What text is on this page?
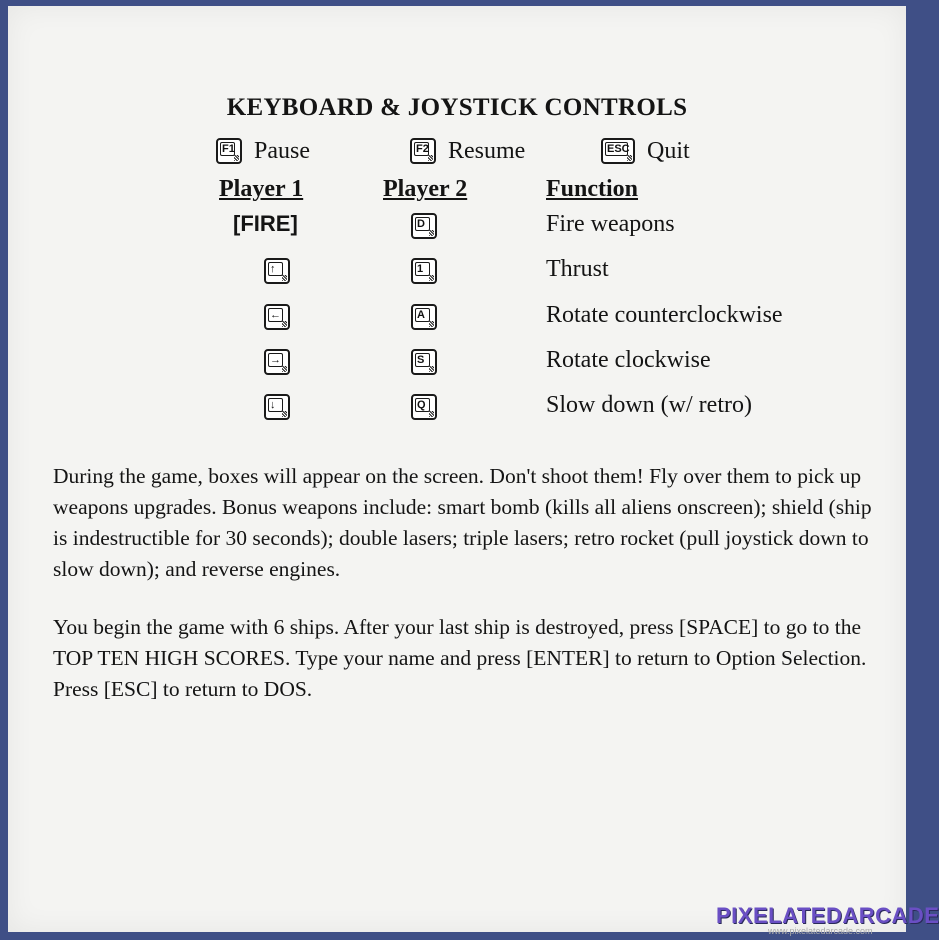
KEYBOARD & JOYSTICK CONTROLS
F1 Pause	F2 Resume	ESC Quit
Player 1	Player 2	Function
[FIRE]	D	Fire weapons
↑	1	Thrust
←	A	Rotate counterclockwise
→	S	Rotate clockwise
↓	Q	Slow down (w/ retro)
During the game, boxes will appear on the screen. Don't shoot them! Fly over them to pick up weapons upgrades. Bonus weapons include: smart bomb (kills all aliens onscreen); shield (ship is indestructible for 30 seconds); double lasers; triple lasers; retro rocket (pull joystick down to slow down); and reverse engines.
You begin the game with 6 ships. After your last ship is destroyed, press [SPACE] to go to the TOP TEN HIGH SCORES. Type your name and press [ENTER] to return to Option Selection. Press [ESC] to return to DOS.
PIXELATEDARCADE
www.pixelatedarcade.com
